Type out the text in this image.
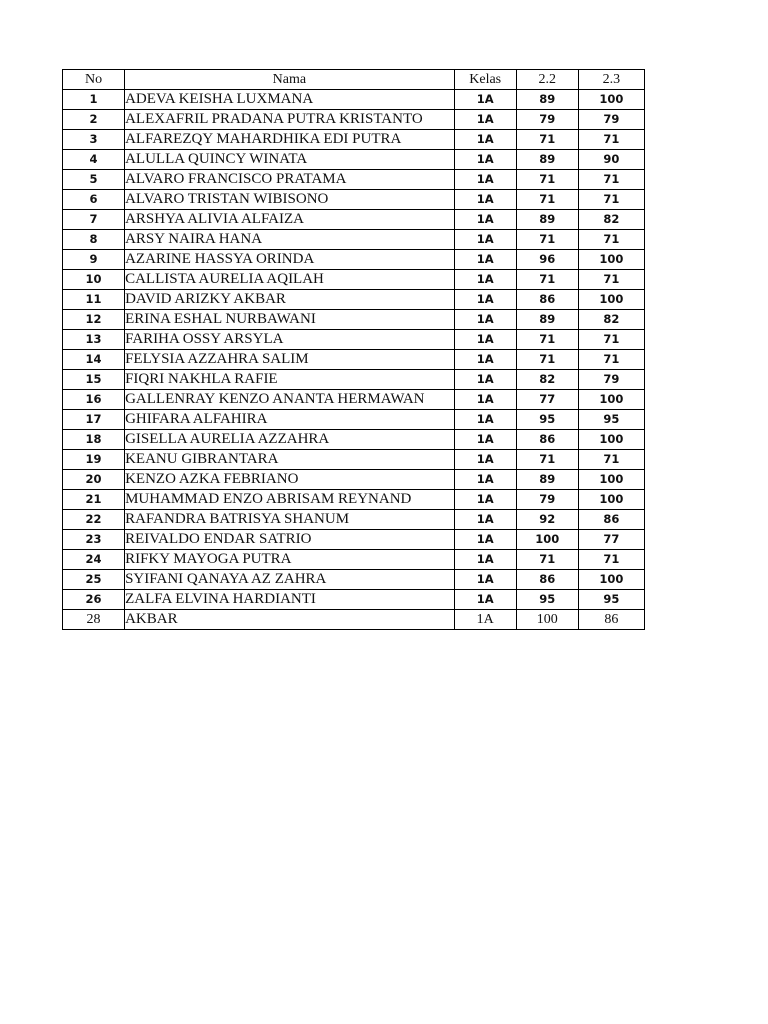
No	Nama	Kelas	2.2	2.3
1	ADEVA KEISHA LUXMANA	1A	89	100
2	ALEXAFRIL PRADANA PUTRA KRISTANTO	1A	79	79
3	ALFAREZQY MAHARDHIKA EDI PUTRA	1A	71	71
4	ALULLA QUINCY WINATA	1A	89	90
5	ALVARO FRANCISCO PRATAMA	1A	71	71
6	ALVARO TRISTAN WIBISONO	1A	71	71
7	ARSHYA ALIVIA ALFAIZA	1A	89	82
8	ARSY NAIRA HANA	1A	71	71
9	AZARINE HASSYA ORINDA	1A	96	100
10	CALLISTA AURELIA AQILAH	1A	71	71
11	DAVID ARIZKY AKBAR	1A	86	100
12	ERINA ESHAL NURBAWANI	1A	89	82
13	FARIHA OSSY ARSYLA	1A	71	71
14	FELYSIA AZZAHRA SALIM	1A	71	71
15	FIQRI NAKHLA RAFIE	1A	82	79
16	GALLENRAY KENZO ANANTA HERMAWAN	1A	77	100
17	GHIFARA ALFAHIRA	1A	95	95
18	GISELLA AURELIA AZZAHRA	1A	86	100
19	KEANU GIBRANTARA	1A	71	71
20	KENZO AZKA FEBRIANO	1A	89	100
21	MUHAMMAD ENZO ABRISAM REYNAND	1A	79	100
22	RAFANDRA BATRISYA SHANUM	1A	92	86
23	REIVALDO ENDAR SATRIO	1A	100	77
24	RIFKY MAYOGA PUTRA	1A	71	71
25	SYIFANI QANAYA AZ ZAHRA	1A	86	100
26	ZALFA ELVINA HARDIANTI	1A	95	95
28	AKBAR	1A	100	86
